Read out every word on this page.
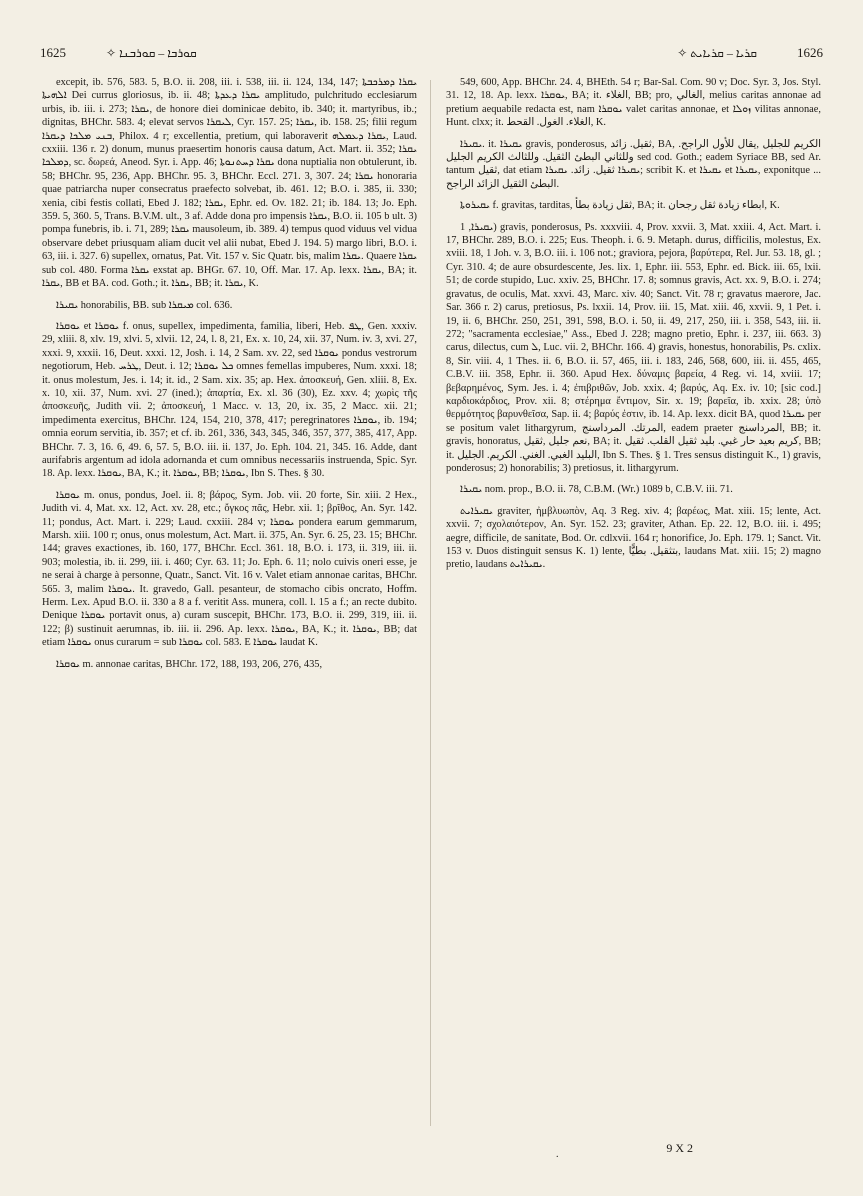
1625	✧ ܩܘܪܒܐ – ܩܘܪܒܢܐ	✧ ܩܪܝܐ – ܩܪܝܐܝܬ	1626

excepit, ib. 576, 583. 5, B.O. ii. 208, iii. i. 538, iii. ii. 124, 134, 147; ܝܩܪܐ ܕܡܪܟܒܬܐ ܐܠܗܝܬܐ Dei currus gloriosus, ib. ii. 48; ܝܩܪܐ ܕܥܕܬܐ amplitudo, pulchritudo ecclesiarum urbis, ib. iii. i. 273; ܝܩܪܐ, de honore diei dominicae debito, ib. 340; it. martyribus, ib.; dignitas, BHChr. 583. 4; elevat servos ܠܝܩܪܐ, Cyr. 157. 25; ܝܩܪܐ, ib. 158. 25; filii regum ܒܢܝ ܡܠܟܐ ܕܝܩܪܐ, Philox. 4 r; excellentia, pretium, qui laboraverit ܝܩܪܐ ܕܥܡܠܗ, Laud. cxxiii. 136 r. 2) donum, munus praesertim honoris causa datum, Act. Mart. ii. 352; ܝܩܪܐ ܕܡܠܟܐ, sc. δωρεά, Aneod. Syr. i. App. 46; ܝܩܪܐ ܕܚܬܢܘܬܐ dona nuptialia non obtulerunt, ib. 58; BHChr. 95, 236, App. BHChr. 95. 3, BHChr. Eccl. 271. 3, 307. 24; ܝܩܪܐ honoraria quae patriarcha nuper consecratus praefecto solvebat, ib. 461. 12; B.O. i. 385, ii. 330; xenia, cibi festis collati, Ebed J. 182; ܝܩܪܐ, Ephr. ed. Ov. 182. 21; ib. 184. 13; Jo. Eph. 359. 5, 360. 5, Trans. B.V.M. ult., 3 af. Adde dona pro impensis ܝܩܪܐ, B.O. ii. 105 b ult. 3) pompa funebris, ib. i. 71, 289; ܝܩܪܐ mausoleum, ib. 389. 4) tempus quod viduus vel vidua observare debet priusquam aliam ducit vel alii nubat, Ebed J. 194. 5) margo libri, B.O. i. 63, iii. i. 327. 6) supellex, ornatus, Pat. Vit. 157 v. Sic Quatr. bis, malim ܝܩܪܐ. Quaere ܝܩܪܐ sub col. 480. Forma ܝܩܪܐ exstat ap. BHGr. 67. 10, Off. Mar. 17. Ap. lexx. ܝܩܪܐ, BA; it. ܝܩܪܐ, BB et BA. cod. Goth.; it. ܝܩܪܐ, BB; it. ܝܩܪܐ, K.

ܝܩܝܪܐ honorabilis, BB. sub ܡܝܩܪܐ col. 636.

ܝܘܩܪܐ et ܝܘܩܪܐ f. onus, supellex, impedimenta, familia, liberi, Heb. ܛܦ, Gen. xxxiv. 29, xliii. 8, xlv. 19, xlvi. 5, xlvii. 12, 24, l. 8, 21, Ex. x. 10, 24, xii. 37, Num. iv. 3, xvi. 27, xxxi. 9, xxxii. 16, Deut. xxxi. 12, Josh. i. 14, 2 Sam. xv. 22, sed ܝܘܩܪܐ pondus vestrorum negotiorum, Heb. ܛܪܚ, Deut. i. 12; ܟܠ ܝܘܩܪܐ omnes femellas impuberes, Num. xxxi. 18; it. onus molestum, Jes. i. 14; it. id., 2 Sam. xix. 35; ap. Hex. ἀποσκευή, Gen. xliii. 8, Ex. x. 10, xii. 37, Num. xvi. 27 (ined.); ἀπαρτία, Ex. xl. 36 (30), Ez. xxv. 4; χωρὶς τῆς ἀποσκευῆς, Judith vii. 2; ἀποσκευή, 1 Macc. v. 13, 20, ix. 35, 2 Macc. xii. 21; impedimenta exercitus, BHChr. 124, 154, 210, 378, 417; peregrinatores ܝܘܩܪܐ, ib. 194; omnia eorum servitia, ib. 357; et cf. ib. 261, 336, 343, 345, 346, 357, 377, 385, 417, App. BHChr. 7. 3, 16. 6, 49. 6, 57. 5, B.O. iii. ii. 137, Jo. Eph. 104. 21, 345. 16. Adde, dant aurifabris argentum ad idola adornanda et cum omnibus necessariis instruenda, Spic. Syr. 18. Ap. lexx. ܝܘܩܪܐ, BA, K.; it. ܝܘܩܪܐ, BB; ܝܘܩܪܐ, Ibn S. Thes. § 30.

ܝܘܩܪܐ m. onus, pondus, Joel. ii. 8; βάρος, Sym. Job. vii. 20 forte, Sir. xiii. 2 Hex., Judith vi. 4, Mat. xx. 12, Act. xv. 28, etc.; ὄγκος πᾶς, Hebr. xii. 1; βρῖθος, An. Syr. 142. 11; pondus, Act. Mart. i. 229; Laud. cxxiii. 284 v; ܝܘܩܪܐ pondera earum gemmarum, Marsh. xiii. 100 r; onus, onus molestum, Act. Mart. ii. 375, An. Syr. 6. 25, 23. 15; BHChr. 144; graves exactiones, ib. 160, 177, BHChr. Eccl. 361. 18, B.O. i. 173, ii. 319, iii. ii. 903; molestia, ib. ii. 299, iii. i. 460; Cyr. 63. 11; Jo. Eph. 6. 11; nolo cuivis oneri esse, je ne serai à charge à personne, Quatr., Sanct. Vit. 16 v. Valet etiam annonae caritas, BHChr. 565. 3, malim ܝܘܩܪܐ. It. gravedo, Gall. pesanteur, de stomacho cibis oncrato, Hoffm. Herm. Lex. Apud B.O. ii. 330 a 8 a f. veritit Ass. munera, coll. l. 15 a f.; an recte dubito. Denique ܝܘܩܪܐ portavit onus, a) curam suscepit, BHChr. 173, B.O. ii. 299, 319, iii. ii. 122; β) sustinuit aerumnas, ib. iii. ii. 296. Ap. lexx. ܝܘܩܪܐ, BA, K.; it. ܝܘܩܪܐ, BB; dat etiam ܝܘܩܪܐ onus curarum = sub ܝܘܩܪܐ col. 583. E ܝܘܩܪܐ laudat K.

ܝܘܩܪܐ m. annonae caritas, BHChr. 172, 188, 193, 206, 276, 435,

549, 600, App. BHChr. 24. 4, BHEth. 54 r; Bar-Sal. Com. 90 v; Doc. Syr. 3, Jos. Styl. 31. 12, 18. Ap. lexx. ܝܘܩܪܐ, BA; it. الغلاء, BB; pro, الغالي, melius caritas annonae ad pretium aequabile redacta est, nam ܝܘܩܪܐ valet caritas annonae, et ܙܘܠܐ vilitas annonae, Hunt. clxx; it. الغلاء. الغول. القحط, K.

ܝܩܝܪܐ. it. ܝܩܝܪܐ gravis, ponderosus, ثقيل. زائد, BA, الكريم للجليل ,يقال للأول الراجح. وللثاني البطئ الثقيل. وللثالث الكريم الجليل sed cod. Goth.; eadem Syriace BB, sed Ar. tantum ثقيل, dat etiam ܝܩܝܪܐ ثقيل. زائد. ܝܩܝܪܐ; scribit K. et ܝܩܝܪܐ et ܝܩܝܪܐ, exponitque ... البطئ الثقيل الزائد الراجح.

ܝܩܝܪܘܬܐ f. gravitas, tarditas, ثقل زيادة بطأ, BA; it. ابطاء زيادة ثقل رجحان, K.

ܝܩܝܪܐ, 1) gravis, ponderosus, Ps. xxxviii. 4, Prov. xxvii. 3, Mat. xxiii. 4, Act. Mart. i. 17, BHChr. 289, B.O. i. 225; Eus. Theoph. i. 6. 9. Metaph. durus, difficilis, molestus, Ex. xviii. 18, 1 Joh. v. 3, B.O. iii. i. 106 not.; graviora, pejora, βαρύτερα, Rel. Jur. 53. 18, gl. ; Cyr. 310. 4; de aure obsurdescente, Jes. lix. 1, Ephr. iii. 553, Ephr. ed. Bick. iii. 65, lxii. 51; de corde stupido, Luc. xxiv. 25, BHChr. 17. 8; somnus gravis, Act. xx. 9, B.O. i. 274; gravatus, de oculis, Mat. xxvi. 43, Marc. xiv. 40; Sanct. Vit. 78 r; gravatus maerore, Jac. Sar. 366 r. 2) carus, pretiosus, Ps. lxxii. 14, Prov. iii. 15, Mat. xiii. 46, xxvii. 9, 1 Pet. i. 19, ii. 6, BHChr. 250, 251, 391, 598, B.O. i. 50, ii. 49, 217, 250, iii. i. 358, 543, iii. ii. 272; "sacramenta ecclesiae," Ass., Ebed J. 228; magno pretio, Ephr. i. 237, iii. 663. 3) carus, dilectus, cum ܠ, Luc. vii. 2, BHChr. 166. 4) gravis, honestus, honorabilis, Ps. cxlix. 8, Sir. viii. 4, 1 Thes. ii. 6, B.O. ii. 57, 465, iii. i. 183, 246, 568, 600, iii. ii. 455, 465, C.B.V. iii. 358, Ephr. ii. 360. Apud Hex. δύναμις βαρεία, 4 Reg. vi. 14, xviii. 17; βεβαρημένος, Sym. Jes. i. 4; ἐπιβριθῶν, Job. xxix. 4; βαρύς, Aq. Ex. iv. 10; [sic cod.] καρδιοκάρδιος, Prov. xii. 8; στέρημα ἔντιμον, Sir. x. 19; βαρεῖα, ib. xxix. 28; ὑπὸ θερμότητος βαρυνθεῖσα, Sap. ii. 4; βαρύς ἐστιν, ib. 14. Ap. lexx. dicit BA, quod ܝܩܝܪܐ per se positum valet lithargyrum, المرتك. المرداسنج, eadem praeter المرداسنج, BB; it. gravis, honoratus, نعم جليل ,ثقيل, BA; it. كريم بعيد حار غبي. بليد ثقيل القلب. ثقيل, BB; it. البليد الغبي. الغني. الكريم. الجليل, Ibn S. Thes. § 1. Tres sensus distinguit K., 1) gravis, ponderosus; 2) honorabilis; 3) pretiosus, it. lithargyrum.

ܝܩܝܪܐ nom. prop., B.O. ii. 78, C.B.M. (Wr.) 1089 b, C.B.V. iii. 71.

ܝܩܝܪܐܝܬ graviter, ἠμβλυωπὸν, Aq. 3 Reg. xiv. 4; βαρέως, Mat. xiii. 15; lente, Act. xxvii. 7; σχολαιότερον, An. Syr. 152. 23; graviter, Athan. Ep. 22. 12, B.O. iii. i. 495; aegre, difficile, de sanitate, Bod. Or. cdlxvii. 164 r; honorifice, Jo. Eph. 179. 1; Sanct. Vit. 153 v. Duos distinguit sensus K. 1) lente, بتثقيل. بطيًّا, laudans Mat. xiii. 15; 2) magno pretio, laudans ܝܩܝܪܐܝܬ.

9 X 2
.
